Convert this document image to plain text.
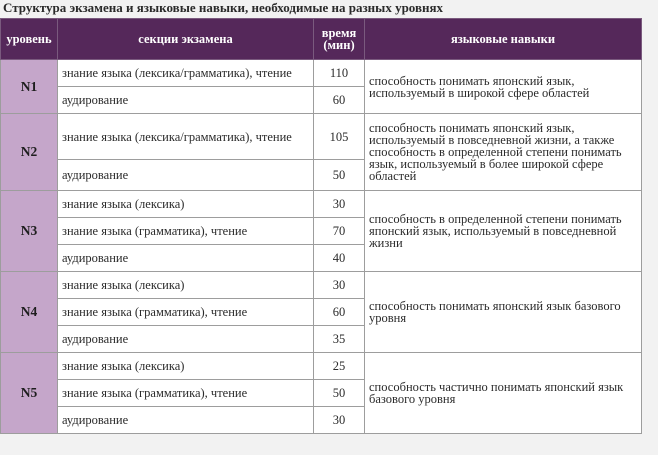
Структура экзамена и языковые навыки, необходимые на разных уровнях
уровень	секции экзамена	время (мин)	языковые навыки
N1	знание языка (лексика/грамматика), чтение	110	способность понимать японский язык, используемый в широкой сфере областей
	аудирование	60	
N2	знание языка (лексика/грамматика), чтение	105	способность понимать японский язык, используемый в повседневной жизни, а также способность в определенной степени понимать язык, используемый в более широкой сфере областей
	аудирование	50	
N3	знание языка (лексика)	30	способность в определенной степени понимать японский язык, используемый в повседневной жизни
	знание языка (грамматика), чтение	70	
	аудирование	40	
N4	знание языка (лексика)	30	способность понимать японский язык базового уровня
	знание языка (грамматика), чтение	60	
	аудирование	35	
N5	знание языка (лексика)	25	способность частично понимать японский язык базового уровня
	знание языка (грамматика), чтение	50	
	аудирование	30	
